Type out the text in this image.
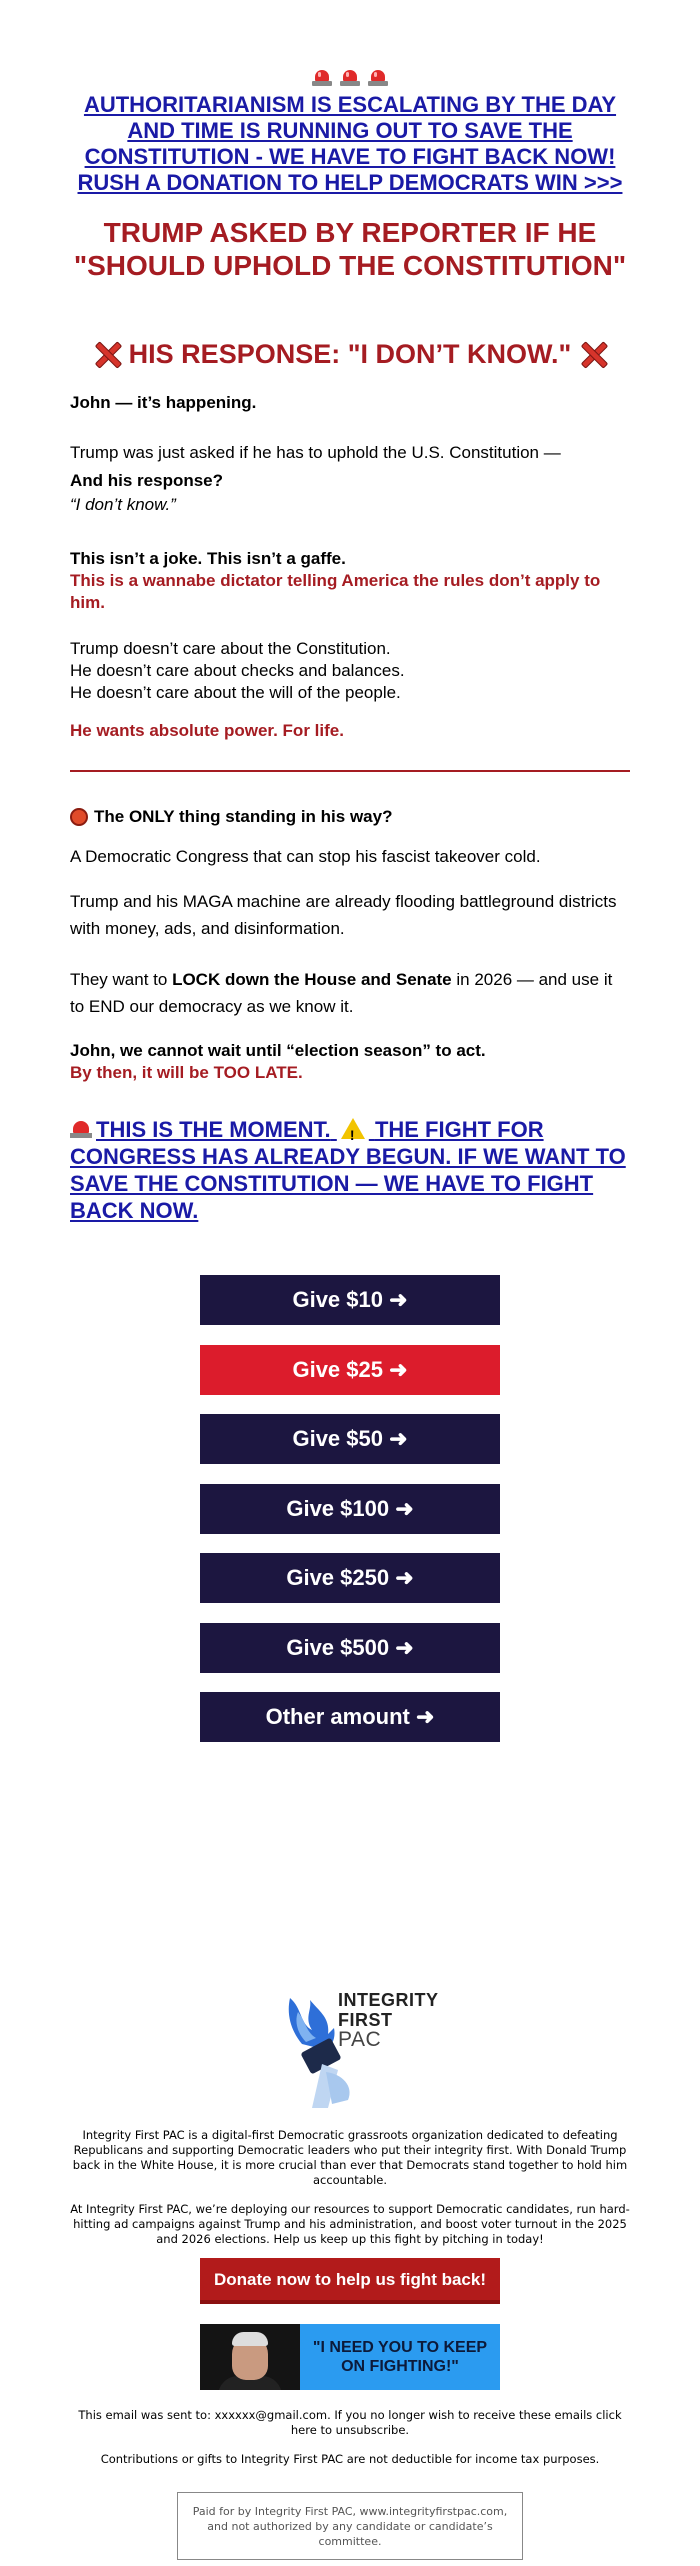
AUTHORITARIANISM IS ESCALATING BY THE DAY AND TIME IS RUNNING OUT TO SAVE THE CONSTITUTION - WE HAVE TO FIGHT BACK NOW! RUSH A DONATION TO HELP DEMOCRATS WIN >>>
TRUMP ASKED BY REPORTER IF HE "SHOULD UPHOLD THE CONSTITUTION"
HIS RESPONSE: "I DON’T KNOW."
John — it’s happening.
Trump was just asked if he has to uphold the U.S. Constitution —
And his response?
“I don’t know.”
This isn’t a joke. This isn’t a gaffe.
This is a wannabe dictator telling America the rules don’t apply to him.
Trump doesn’t care about the Constitution.
He doesn’t care about checks and balances.
He doesn’t care about the will of the people.
He wants absolute power. For life.
The ONLY thing standing in his way?
A Democratic Congress that can stop his fascist takeover cold.
Trump and his MAGA machine are already flooding battleground districts with money, ads, and disinformation.
They want to LOCK down the House and Senate in 2026 — and use it to END our democracy as we know it.
John, we cannot wait until “election season” to act.
By then, it will be TOO LATE.
THIS IS THE MOMENT. ! THE FIGHT FOR CONGRESS HAS ALREADY BEGUN. IF WE WANT TO SAVE THE CONSTITUTION — WE HAVE TO FIGHT BACK NOW.
Give $10 ➜
Give $25 ➜
Give $50 ➜
Give $100 ➜
Give $250 ➜
Give $500 ➜
Other amount ➜
INTEGRITY
FIRST
PAC
Integrity First PAC is a digital-first Democratic grassroots organization dedicated to defeating Republicans and supporting Democratic leaders who put their integrity first. With Donald Trump back in the White House, it is more crucial than ever that Democrats stand together to hold him accountable.
At Integrity First PAC, we’re deploying our resources to support Democratic candidates, run hard-hitting ad campaigns against Trump and his administration, and boost voter turnout in the 2025 and 2026 elections. Help us keep up this fight by pitching in today!
Donate now to help us fight back!
"I NEED YOU TO KEEP ON FIGHTING!"
This email was sent to: xxxxxx@gmail.com. If you no longer wish to receive these emails click here to unsubscribe.
Contributions or gifts to Integrity First PAC are not deductible for income tax purposes.
Paid for by Integrity First PAC, www.integrityfirstpac.com, and not authorized by any candidate or candidate’s committee.
